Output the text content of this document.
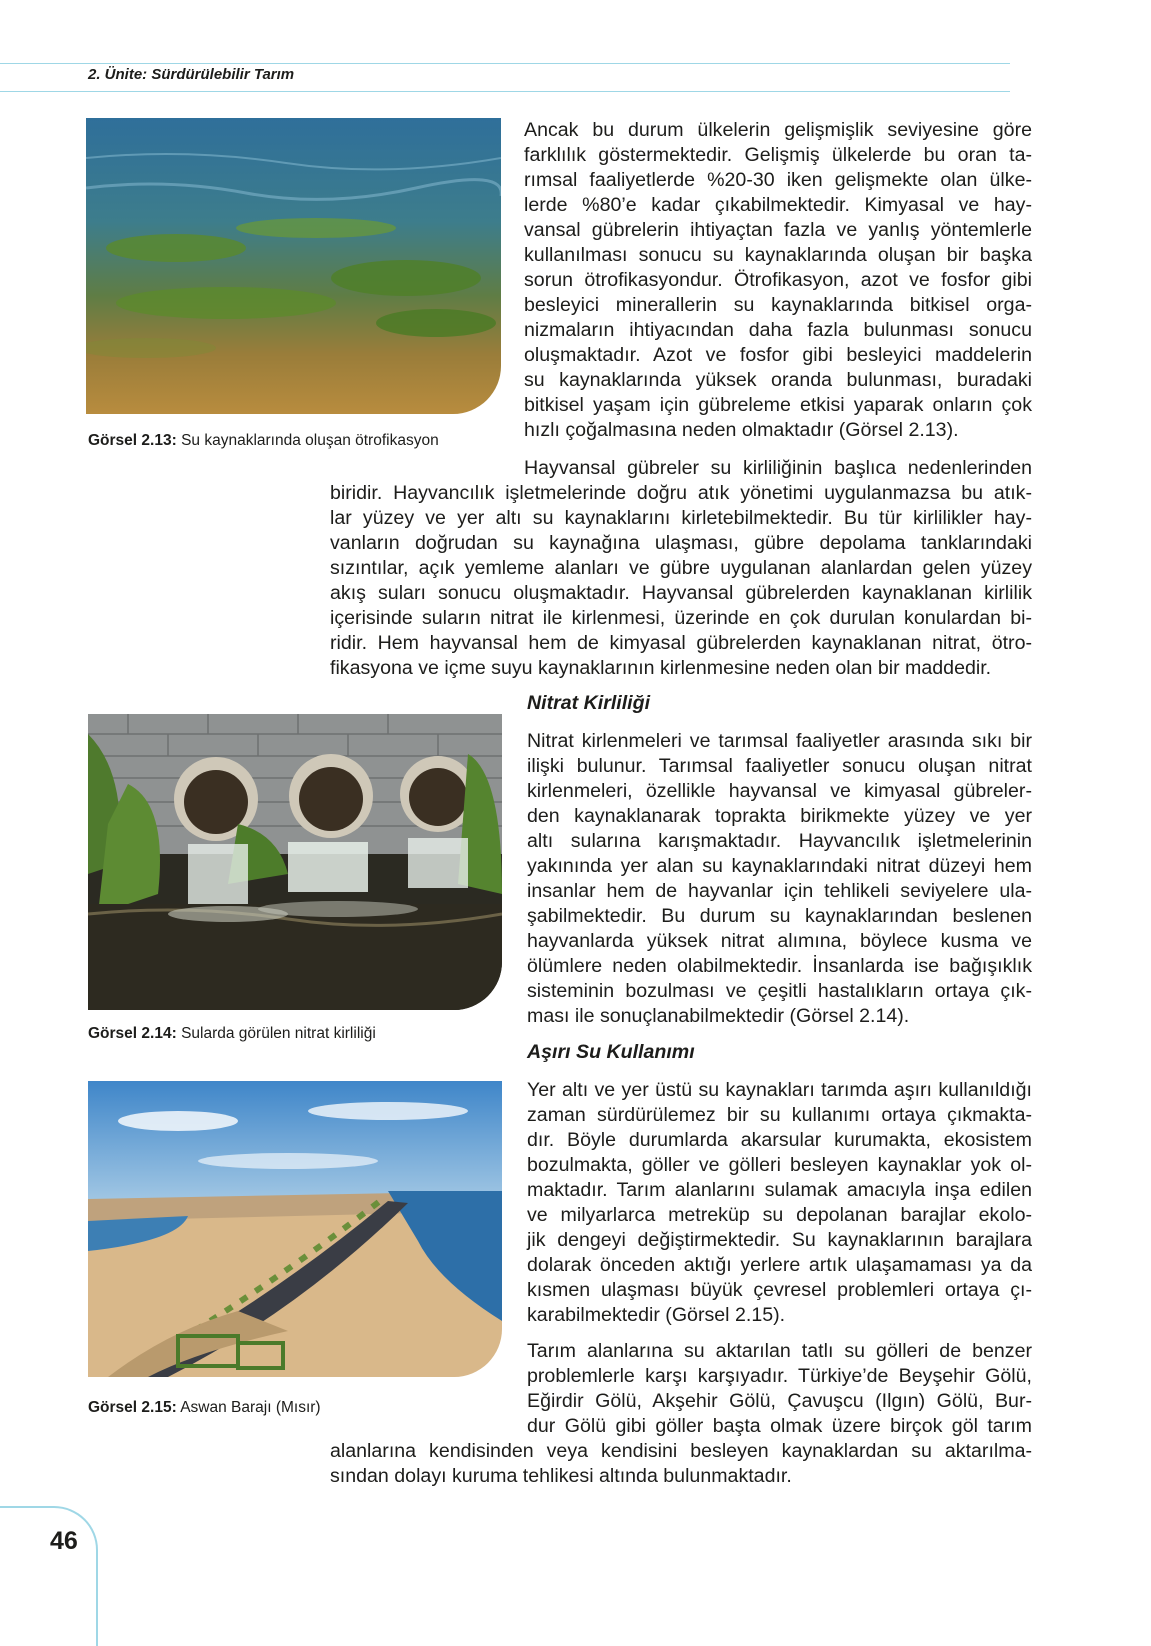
2. Ünite: Sürdürülebilir Tarım
Görsel 2.13: Su kaynaklarında oluşan ötrofikasyon
Ancak bu durum ülkelerin gelişmişlik seviyesine göre
farklılık göstermektedir. Gelişmiş ülkelerde bu oran ta-
rımsal faaliyetlerde %20-30 iken gelişmekte olan ülke-
lerde %80’e kadar çıkabilmektedir. Kimyasal ve hay-
vansal gübrelerin ihtiyaçtan fazla ve yanlış yöntemlerle
kullanılması sonucu su kaynaklarında oluşan bir başka
sorun ötrofikasyondur. Ötrofikasyon, azot ve fosfor gibi
besleyici minerallerin su kaynaklarında bitkisel orga-
nizmaların ihtiyacından daha fazla bulunması sonucu
oluşmaktadır. Azot ve fosfor gibi besleyici maddelerin
su kaynaklarında yüksek oranda bulunması, buradaki
bitkisel yaşam için gübreleme etkisi yaparak onların çok
hızlı çoğalmasına neden olmaktadır (Görsel 2.13).
Hayvansal gübreler su kirliliğinin başlıca nedenlerinden
biridir. Hayvancılık işletmelerinde doğru atık yönetimi uygulanmazsa bu atık-
lar yüzey ve yer altı su kaynaklarını kirletebilmektedir. Bu tür kirlilikler hay-
vanların doğrudan su kaynağına ulaşması, gübre depolama tanklarındaki
sızıntılar, açık yemleme alanları ve gübre uygulanan alanlardan gelen yüzey
akış suları sonucu oluşmaktadır. Hayvansal gübrelerden kaynaklanan kirlilik
içerisinde suların nitrat ile kirlenmesi, üzerinde en çok durulan konulardan bi-
ridir. Hem hayvansal hem de kimyasal gübrelerden kaynaklanan nitrat, ötro-
fikasyona ve içme suyu kaynaklarının kirlenmesine neden olan bir maddedir.
Görsel 2.14: Sularda görülen nitrat kirliliği
Nitrat Kirliliği
Nitrat kirlenmeleri ve tarımsal faaliyetler arasında sıkı bir
ilişki bulunur. Tarımsal faaliyetler sonucu oluşan nitrat
kirlenmeleri, özellikle hayvansal ve kimyasal gübreler-
den kaynaklanarak toprakta birikmekte yüzey ve yer
altı sularına karışmaktadır. Hayvancılık işletmelerinin
yakınında yer alan su kaynaklarındaki nitrat düzeyi hem
insanlar hem de hayvanlar için tehlikeli seviyelere ula-
şabilmektedir. Bu durum su kaynaklarından beslenen
hayvanlarda yüksek nitrat alımına, böylece kusma ve
ölümlere neden olabilmektedir. İnsanlarda ise bağışıklık
sisteminin bozulması ve çeşitli hastalıkların ortaya çık-
ması ile sonuçlanabilmektedir (Görsel 2.14).
Görsel 2.15: Aswan Barajı (Mısır)
Aşırı Su Kullanımı
Yer altı ve yer üstü su kaynakları tarımda aşırı kullanıldığı
zaman sürdürülemez bir su kullanımı ortaya çıkmakta-
dır. Böyle durumlarda akarsular kurumakta, ekosistem
bozulmakta, göller ve gölleri besleyen kaynaklar yok ol-
maktadır. Tarım alanlarını sulamak amacıyla inşa edilen
ve milyarlarca metreküp su depolanan barajlar ekolo-
jik dengeyi değiştirmektedir. Su kaynaklarının barajlara
dolarak önceden aktığı yerlere artık ulaşamaması ya da
kısmen ulaşması büyük çevresel problemleri ortaya çı-
karabilmektedir (Görsel 2.15).
Tarım alanlarına su aktarılan tatlı su gölleri de benzer
problemlerle karşı karşıyadır. Türkiye’de Beyşehir Gölü,
Eğirdir Gölü, Akşehir Gölü, Çavuşcu (Ilgın) Gölü, Bur-
dur Gölü gibi göller başta olmak üzere birçok göl tarım
alanlarına kendisinden veya kendisini besleyen kaynaklardan su aktarılma-
sından dolayı kuruma tehlikesi altında bulunmaktadır.
46
